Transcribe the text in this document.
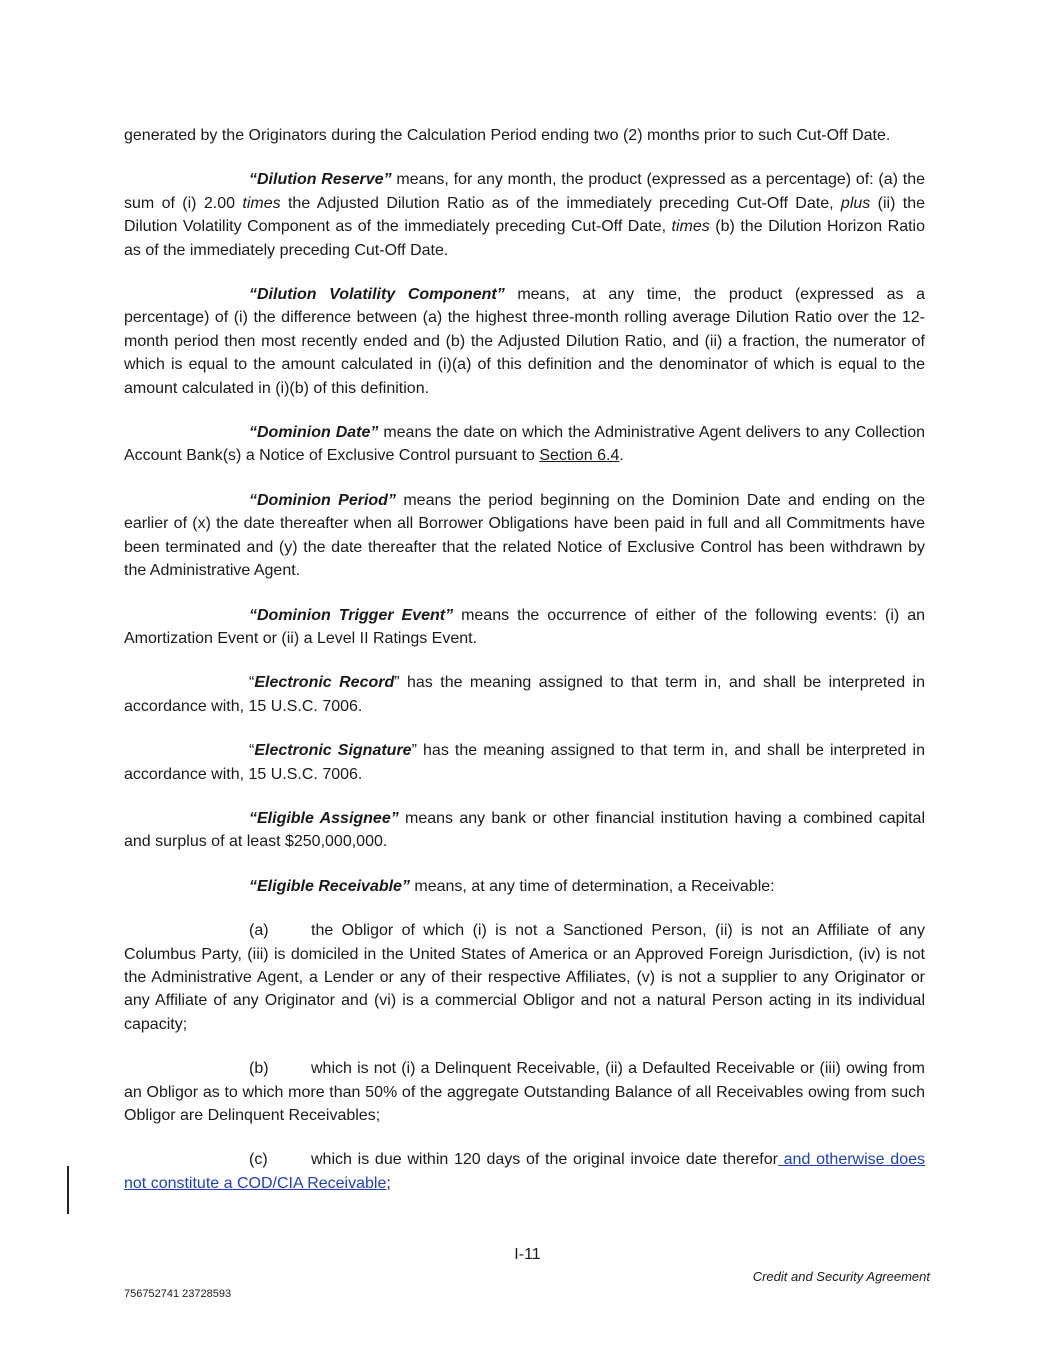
generated by the Originators during the Calculation Period ending two (2) months prior to such Cut-Off Date.

“Dilution Reserve” means, for any month, the product (expressed as a percentage) of: (a) the sum of (i) 2.00 times the Adjusted Dilution Ratio as of the immediately preceding Cut-Off Date, plus (ii) the Dilution Volatility Component as of the immediately preceding Cut-Off Date, times (b) the Dilution Horizon Ratio as of the immediately preceding Cut-Off Date.

“Dilution Volatility Component” means, at any time, the product (expressed as a percentage) of (i) the difference between (a) the highest three-month rolling average Dilution Ratio over the 12-month period then most recently ended and (b) the Adjusted Dilution Ratio, and (ii) a fraction, the numerator of which is equal to the amount calculated in (i)(a) of this definition and the denominator of which is equal to the amount calculated in (i)(b) of this definition.

“Dominion Date” means the date on which the Administrative Agent delivers to any Collection Account Bank(s) a Notice of Exclusive Control pursuant to Section 6.4.

“Dominion Period” means the period beginning on the Dominion Date and ending on the earlier of (x) the date thereafter when all Borrower Obligations have been paid in full and all Commitments have been terminated and (y) the date thereafter that the related Notice of Exclusive Control has been withdrawn by the Administrative Agent.

“Dominion Trigger Event” means the occurrence of either of the following events: (i) an Amortization Event or (ii) a Level II Ratings Event.

“Electronic Record” has the meaning assigned to that term in, and shall be interpreted in accordance with, 15 U.S.C. 7006.

“Electronic Signature” has the meaning assigned to that term in, and shall be interpreted in accordance with, 15 U.S.C. 7006.

“Eligible Assignee” means any bank or other financial institution having a combined capital and surplus of at least $250,000,000.

“Eligible Receivable” means, at any time of determination, a Receivable:

(a)	the Obligor of which (i) is not a Sanctioned Person, (ii) is not an Affiliate of any Columbus Party, (iii) is domiciled in the United States of America or an Approved Foreign Jurisdiction, (iv) is not the Administrative Agent, a Lender or any of their respective Affiliates, (v) is not a supplier to any Originator or any Affiliate of any Originator and (vi) is a commercial Obligor and not a natural Person acting in its individual capacity;

(b)	which is not (i) a Delinquent Receivable, (ii) a Defaulted Receivable or (iii) owing from an Obligor as to which more than 50% of the aggregate Outstanding Balance of all Receivables owing from such Obligor are Delinquent Receivables;

(c)	which is due within 120 days of the original invoice date therefor and otherwise does not constitute a COD/CIA Receivable;

I-11
Credit and Security Agreement
756752741 23728593
